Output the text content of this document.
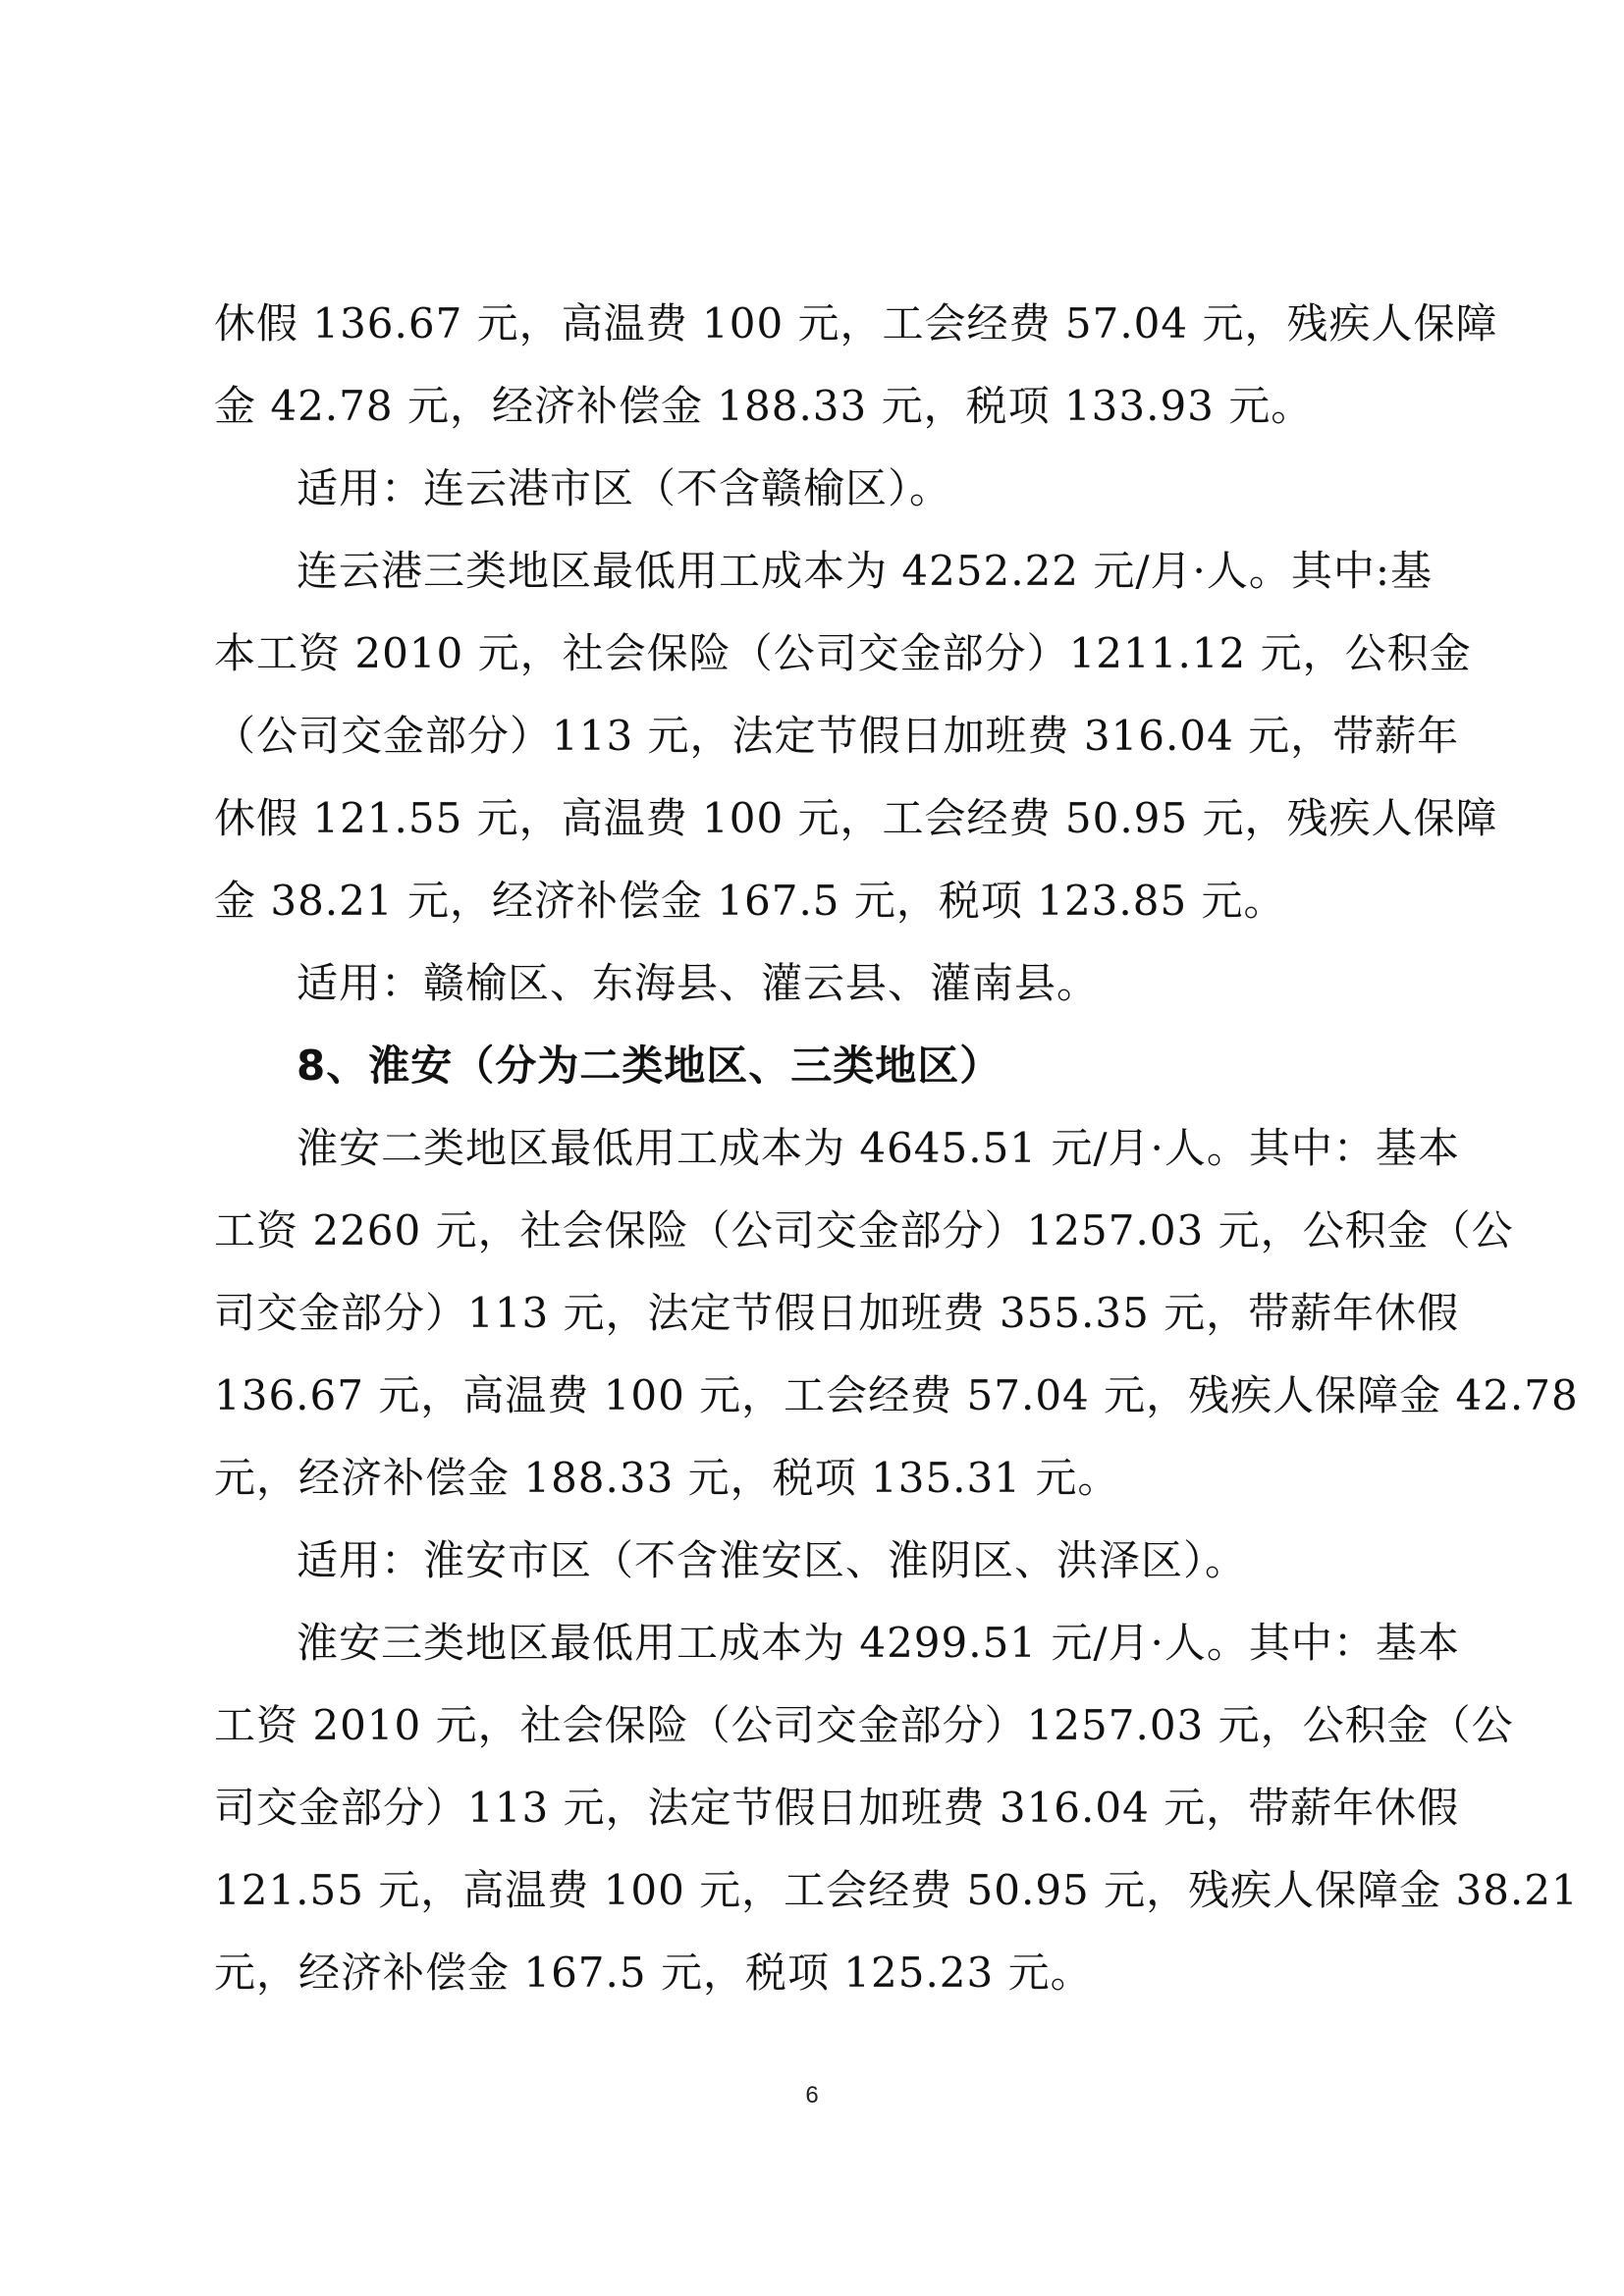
休假 136.67 元，高温费 100 元，工会经费 57.04 元，残疾人保障
金 42.78 元，经济补偿金 188.33 元，税项 133.93 元。
适用：连云港市区（不含赣榆区）。
连云港三类地区最低用工成本为 4252.22 元/月·人。其中:基
本工资 2010 元，社会保险（公司交金部分）1211.12 元，公积金
（公司交金部分）113 元，法定节假日加班费 316.04 元，带薪年
休假 121.55 元，高温费 100 元，工会经费 50.95 元，残疾人保障
金 38.21 元，经济补偿金 167.5 元，税项 123.85 元。
适用：赣榆区、东海县、灌云县、灌南县。
8、淮安（分为二类地区、三类地区）
淮安二类地区最低用工成本为 4645.51 元/月·人。其中：基本
工资 2260 元，社会保险（公司交金部分）1257.03 元，公积金（公
司交金部分）113 元，法定节假日加班费 355.35 元，带薪年休假
136.67 元，高温费 100 元，工会经费 57.04 元，残疾人保障金 42.78
元，经济补偿金 188.33 元，税项 135.31 元。
适用：淮安市区（不含淮安区、淮阴区、洪泽区）。
淮安三类地区最低用工成本为 4299.51 元/月·人。其中：基本
工资 2010 元，社会保险（公司交金部分）1257.03 元，公积金（公
司交金部分）113 元，法定节假日加班费 316.04 元，带薪年休假
121.55 元，高温费 100 元，工会经费 50.95 元，残疾人保障金 38.21
元，经济补偿金 167.5 元，税项 125.23 元。
6
